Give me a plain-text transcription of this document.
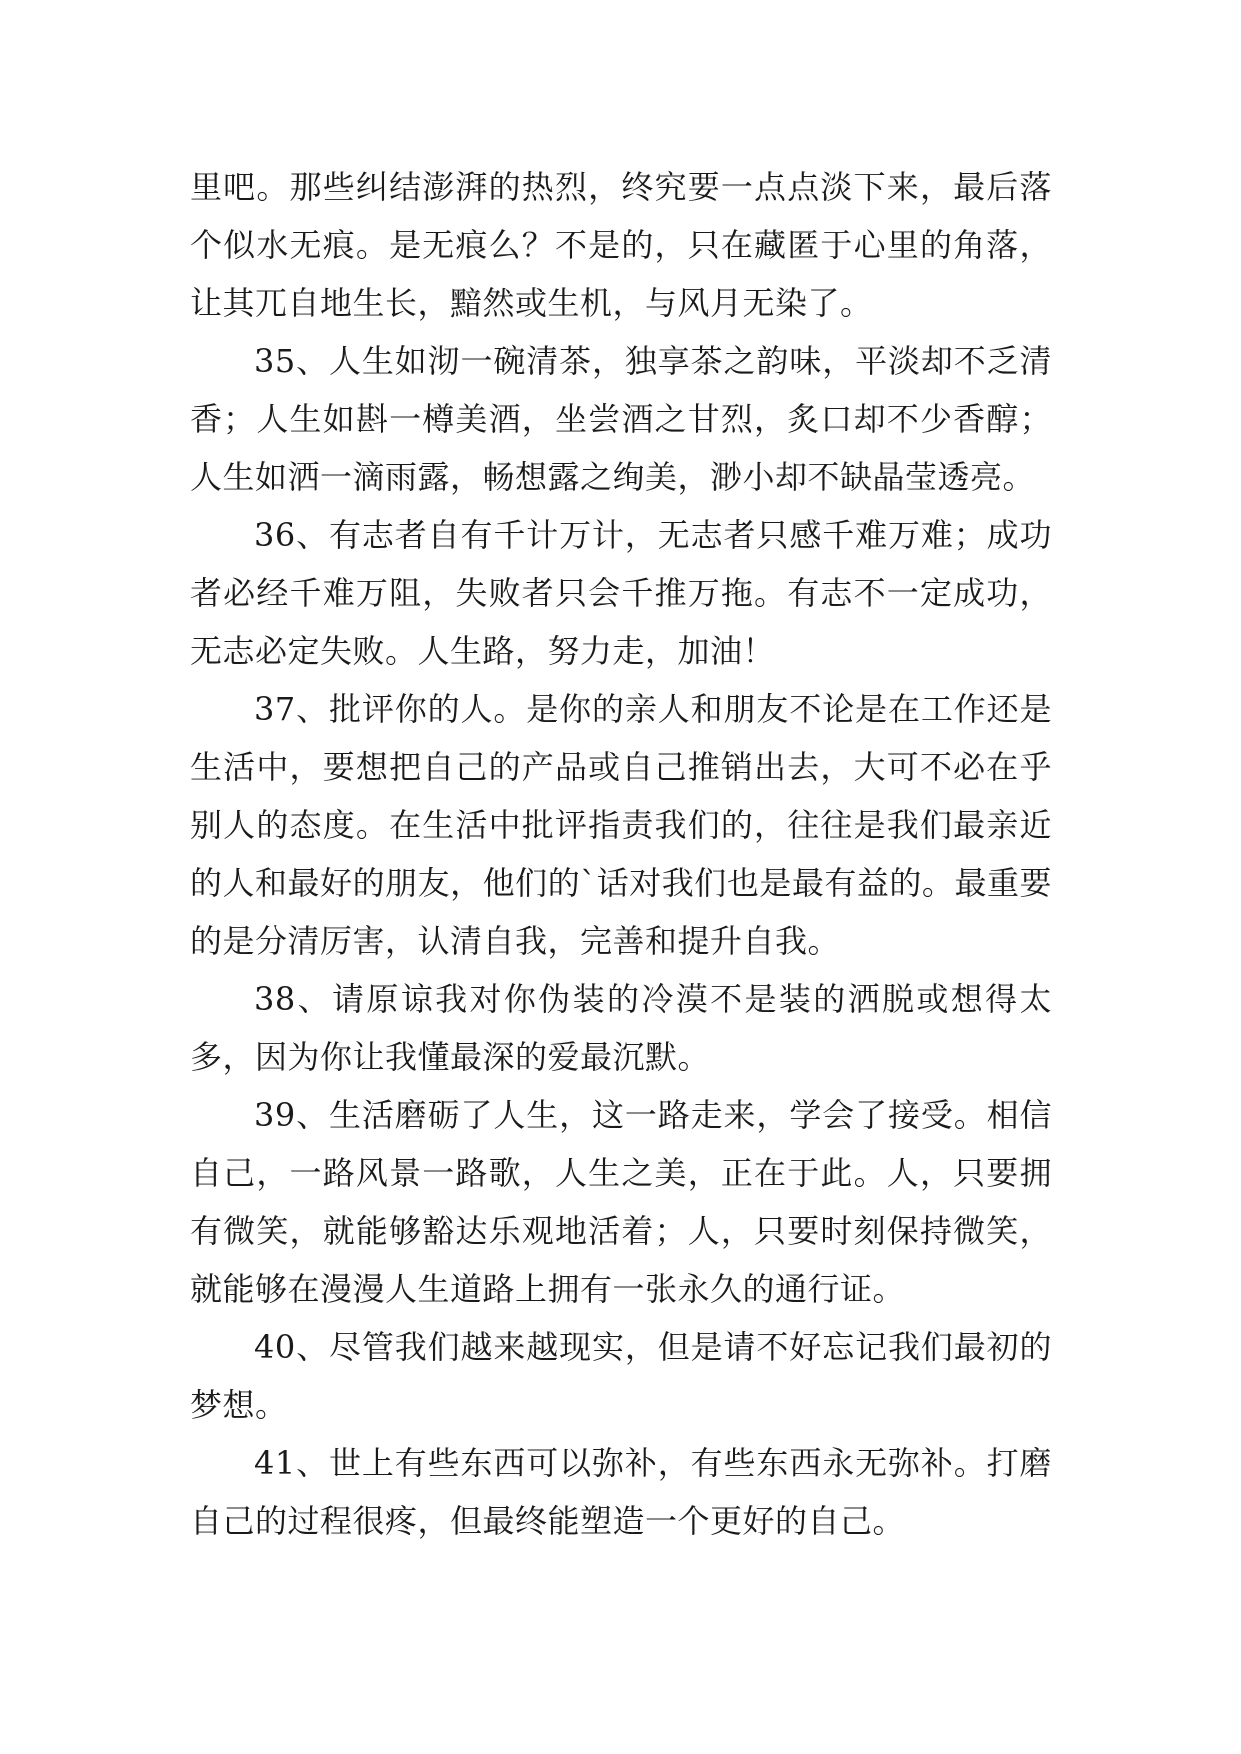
里吧。那些纠结澎湃的热烈，终究要一点点淡下来，最后落个似水无痕。是无痕么？不是的，只在藏匿于心里的角落，让其兀自地生长，黯然或生机，与风月无染了。

35、人生如沏一碗清茶，独享茶之韵味，平淡却不乏清香；人生如斟一樽美酒，坐尝酒之甘烈，炙口却不少香醇；人生如洒一滴雨露，畅想露之绚美，渺小却不缺晶莹透亮。

36、有志者自有千计万计，无志者只感千难万难；成功者必经千难万阻，失败者只会千推万拖。有志不一定成功，无志必定失败。人生路，努力走，加油！

37、批评你的人。是你的亲人和朋友不论是在工作还是生活中，要想把自己的产品或自己推销出去，大可不必在乎别人的态度。在生活中批评指责我们的，往往是我们最亲近的人和最好的朋友，他们的`话对我们也是最有益的。最重要的是分清厉害，认清自我，完善和提升自我。

38、请原谅我对你伪装的冷漠不是装的洒脱或想得太多，因为你让我懂最深的爱最沉默。

39、生活磨砺了人生，这一路走来，学会了接受。相信自己，一路风景一路歌，人生之美，正在于此。人，只要拥有微笑，就能够豁达乐观地活着；人，只要时刻保持微笑，就能够在漫漫人生道路上拥有一张永久的通行证。

40、尽管我们越来越现实，但是请不好忘记我们最初的梦想。

41、世上有些东西可以弥补，有些东西永无弥补。打磨自己的过程很疼，但最终能塑造一个更好的自己。
